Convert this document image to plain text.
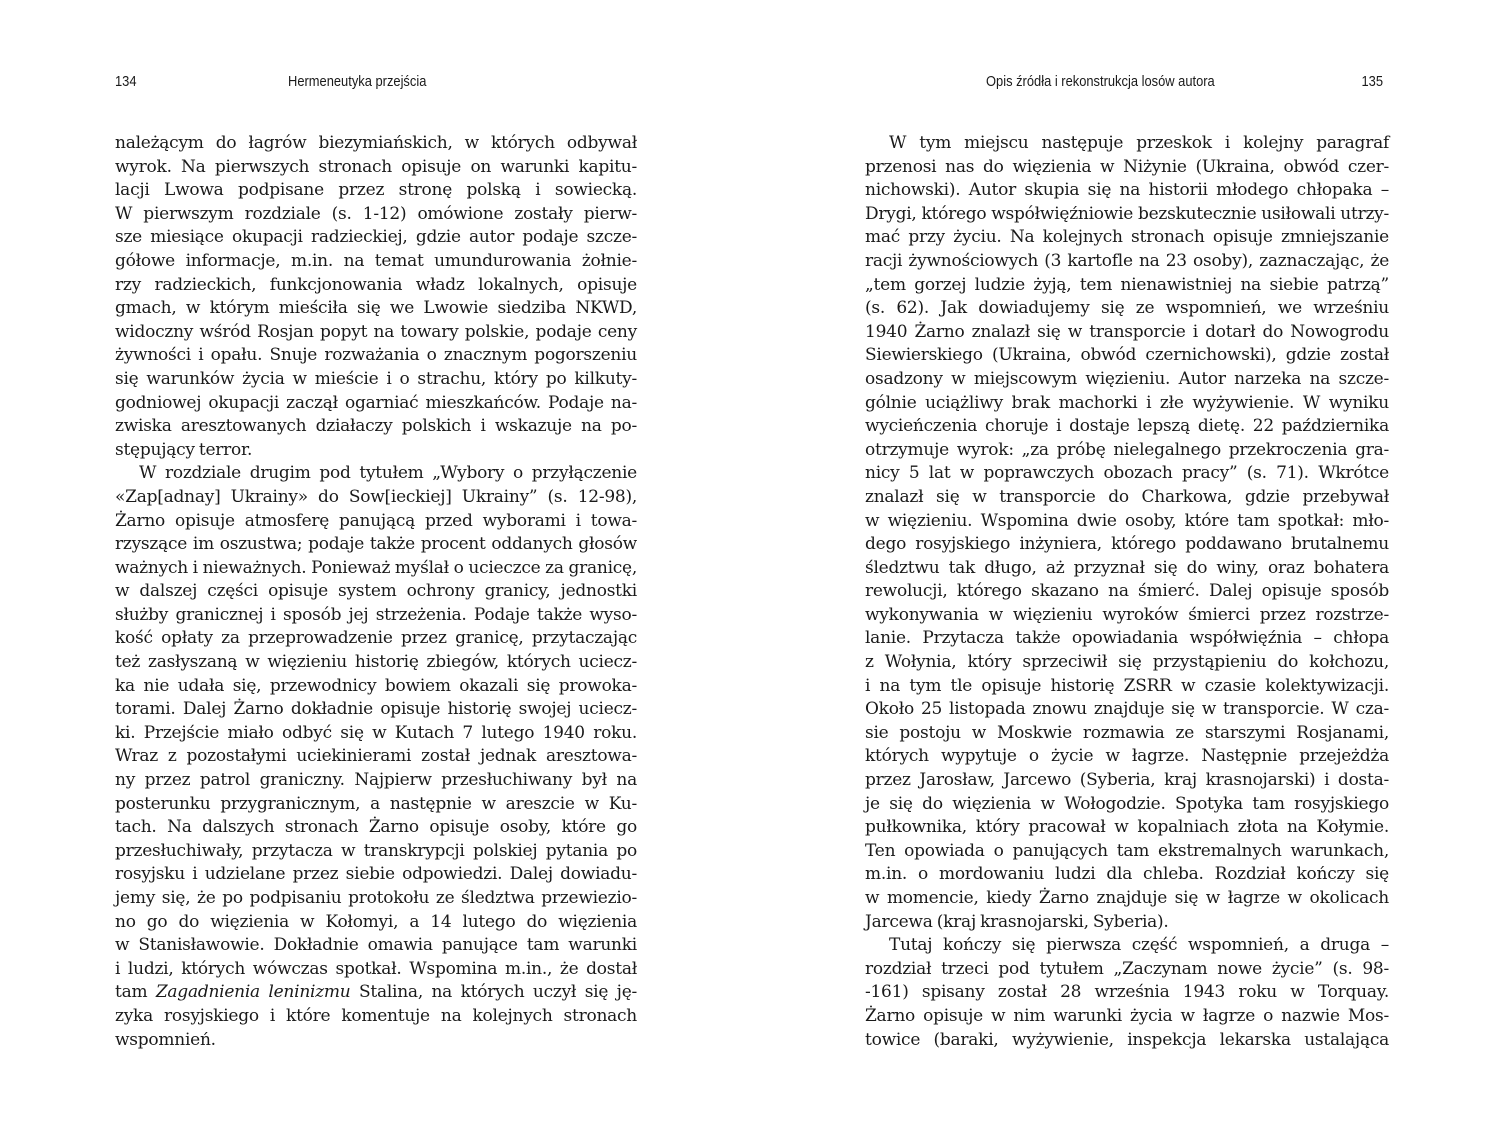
134	Hermeneutyka przejścia
należącym do łagrów biezymiańskich, w których odbywał
wyrok. Na pierwszych stronach opisuje on warunki kapitu-
lacji Lwowa podpisane przez stronę polską i sowiecką.
W pierwszym rozdziale (s. 1-12) omówione zostały pierw-
sze miesiące okupacji radzieckiej, gdzie autor podaje szcze-
gółowe informacje, m.in. na temat umundurowania żołnie-
rzy radzieckich, funkcjonowania władz lokalnych, opisuje
gmach, w którym mieściła się we Lwowie siedziba NKWD,
widoczny wśród Rosjan popyt na towary polskie, podaje ceny
żywności i opału. Snuje rozważania o znacznym pogorszeniu
się warunków życia w mieście i o strachu, który po kilkuty-
godniowej okupacji zaczął ogarniać mieszkańców. Podaje na-
zwiska aresztowanych działaczy polskich i wskazuje na po-
stępujący terror.
W rozdziale drugim pod tytułem „Wybory o przyłączenie
«Zap[adnay] Ukrainy» do Sow[ieckiej] Ukrainy” (s. 12-98),
Żarno opisuje atmosferę panującą przed wyborami i towa-
rzyszące im oszustwa; podaje także procent oddanych głosów
ważnych i nieważnych. Ponieważ myślał o ucieczce za granicę,
w dalszej części opisuje system ochrony granicy, jednostki
służby granicznej i sposób jej strzeżenia. Podaje także wyso-
kość opłaty za przeprowadzenie przez granicę, przytaczając
też zasłyszaną w więzieniu historię zbiegów, których uciecz-
ka nie udała się, przewodnicy bowiem okazali się prowoka-
torami. Dalej Żarno dokładnie opisuje historię swojej uciecz-
ki. Przejście miało odbyć się w Kutach 7 lutego 1940 roku.
Wraz z pozostałymi uciekinierami został jednak aresztowa-
ny przez patrol graniczny. Najpierw przesłuchiwany był na
posterunku przygranicznym, a następnie w areszcie w Ku-
tach. Na dalszych stronach Żarno opisuje osoby, które go
przesłuchiwały, przytacza w transkrypcji polskiej pytania po
rosyjsku i udzielane przez siebie odpowiedzi. Dalej dowiadu-
jemy się, że po podpisaniu protokołu ze śledztwa przewiezio-
no go do więzienia w Kołomyi, a 14 lutego do więzienia
w Stanisławowie. Dokładnie omawia panujące tam warunki
i ludzi, których wówczas spotkał. Wspomina m.in., że dostał
tam Zagadnienia leninizmu Stalina, na których uczył się ję-
zyka rosyjskiego i które komentuje na kolejnych stronach
wspomnień.
Opis źródła i rekonstrukcja losów autora	135
W tym miejscu następuje przeskok i kolejny paragraf
przenosi nas do więzienia w Niżynie (Ukraina, obwód czer-
nichowski). Autor skupia się na historii młodego chłopaka –
Drygi, którego współwięźniowie bezskutecznie usiłowali utrzy-
mać przy życiu. Na kolejnych stronach opisuje zmniejszanie
racji żywnościowych (3 kartofle na 23 osoby), zaznaczając, że
„tem gorzej ludzie żyją, tem nienawistniej na siebie patrzą”
(s. 62). Jak dowiadujemy się ze wspomnień, we wrześniu
1940 Żarno znalazł się w transporcie i dotarł do Nowogrodu
Siewierskiego (Ukraina, obwód czernichowski), gdzie został
osadzony w miejscowym więzieniu. Autor narzeka na szcze-
gólnie uciążliwy brak machorki i złe wyżywienie. W wyniku
wycieńczenia choruje i dostaje lepszą dietę. 22 października
otrzymuje wyrok: „za próbę nielegalnego przekroczenia gra-
nicy 5 lat w poprawczych obozach pracy” (s. 71). Wkrótce
znalazł się w transporcie do Charkowa, gdzie przebywał
w więzieniu. Wspomina dwie osoby, które tam spotkał: mło-
dego rosyjskiego inżyniera, którego poddawano brutalnemu
śledztwu tak długo, aż przyznał się do winy, oraz bohatera
rewolucji, którego skazano na śmierć. Dalej opisuje sposób
wykonywania w więzieniu wyroków śmierci przez rozstrze-
lanie. Przytacza także opowiadania współwięźnia – chłopa
z Wołynia, który sprzeciwił się przystąpieniu do kołchozu,
i na tym tle opisuje historię ZSRR w czasie kolektywizacji.
Około 25 listopada znowu znajduje się w transporcie. W cza-
sie postoju w Moskwie rozmawia ze starszymi Rosjanami,
których wypytuje o życie w łagrze. Następnie przejeżdża
przez Jarosław, Jarcewo (Syberia, kraj krasnojarski) i dosta-
je się do więzienia w Wołogodzie. Spotyka tam rosyjskiego
pułkownika, który pracował w kopalniach złota na Kołymie.
Ten opowiada o panujących tam ekstremalnych warunkach,
m.in. o mordowaniu ludzi dla chleba. Rozdział kończy się
w momencie, kiedy Żarno znajduje się w łagrze w okolicach
Jarcewa (kraj krasnojarski, Syberia).
Tutaj kończy się pierwsza część wspomnień, a druga –
rozdział trzeci pod tytułem „Zaczynam nowe życie” (s. 98-
-161) spisany został 28 września 1943 roku w Torquay.
Żarno opisuje w nim warunki życia w łagrze o nazwie Mos-
towice (baraki, wyżywienie, inspekcja lekarska ustalająca
